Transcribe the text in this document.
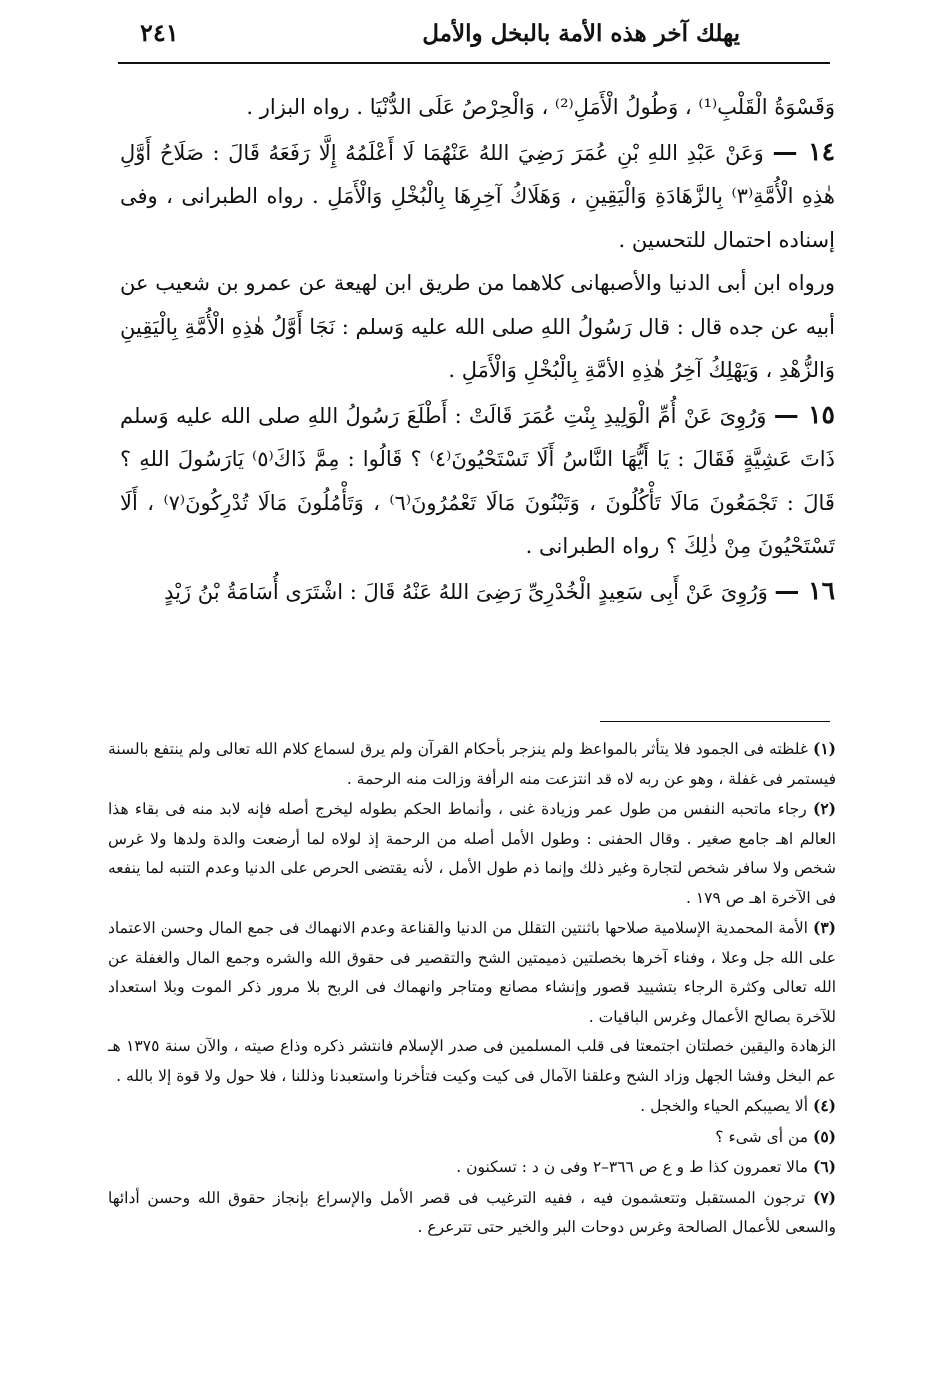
يهلك آخر هذه الأمة بالبخل والأمل
٢٤١

وَقَسْوَةُ الْقَلْبِ⁽¹⁾ ، وَطُولُ الْأَمَلِ⁽²⁾ ، وَالْحِرْصُ عَلَى الدُّنْيَا . رواه البزار .

١٤ — وَعَنْ عَبْدِ اللهِ بْنِ عُمَرَ رَضِيَ اللهُ عَنْهُمَا لَا أَعْلَمُهُ إِلَّا رَفَعَهُ قَالَ : صَلَاحُ أَوَّلِ هٰذِهِ الْأُمَّةِ⁽٣⁾ بِالزَّهَادَةِ وَالْيَقِينِ ، وَهَلَاكُ آخِرِهَا بِالْبُخْلِ وَالْأَمَلِ . رواه الطبرانى ، وفى إسناده احتمال للتحسين .

ورواه ابن أبى الدنيا والأصبهانى كلاهما من طريق ابن لهيعة عن عمرو بن شعيب عن أبيه عن جده قال : قال رَسُولُ اللهِ صلى الله عليه وَسلم : نَجَا أَوَّلُ هٰذِهِ الْأُمَّةِ بِالْيَقِينِ وَالزُّهْدِ ، وَيَهْلِكُ آخِرُ هٰذِهِ الأمَّةِ بِالْبُخْلِ وَالْأَمَلِ .

١٥ — وَرُوِىَ عَنْ أُمِّ الْوَلِيدِ بِنْتِ عُمَرَ قَالَتْ : أَطْلَعَ رَسُولُ اللهِ صلى الله عليه وَسلم ذَاتَ عَشِيَّةٍ فَقَالَ : يَا أَيُّهَا النَّاسُ أَلَا تَسْتَحْيُونَ⁽٤⁾ ؟ قَالُوا : مِمَّ ذَاكَ⁽٥⁾ يَارَسُولَ اللهِ ؟ قَالَ : تَجْمَعُونَ مَالَا تَأْكُلُونَ ، وَتَبْنُونَ مَالَا تَعْمُرُونَ⁽٦⁾ ، وَتَأْمُلُونَ مَالَا تُدْرِكُونَ⁽٧⁾ ، أَلَا تَسْتَحْيُونَ مِنْ ذٰلِكَ ؟ رواه الطبرانى .

١٦ — وَرُوِىَ عَنْ أَبِى سَعِيدٍ الْخُدْرِىِّ رَضِىَ اللهُ عَنْهُ قَالَ : اشْتَرَى أُسَامَةُ بْنُ زَيْدٍ

(١) غلظته فى الجمود فلا يتأثر بالمواعظ ولم ينزجر بأحكام القرآن ولم يرق لسماع كلام الله تعالى ولم ينتفع بالسنة فيستمر فى غفلة ، وهو عن ربه لاه قد انتزعت منه الرأفة وزالت منه الرحمة .

(٢) رجاء ماتحبه النفس من طول عمر وزيادة غنى ، وأنماط الحكم بطوله ليخرج أصله فإنه لابد منه فى بقاء هذا العالم اهـ جامع صغير . وقال الحفنى : وطول الأمل أصله من الرحمة إذ لولاه لما أرضعت والدة ولدها ولا غرس شخص ولا سافر شخص لتجارة وغير ذلك وإنما ذم طول الأمل ، لأنه يقتضى الحرص على الدنيا وعدم التنبه لما ينفعه فى الآخرة اهـ ص ١٧٩ .

(٣) الأمة المحمدية الإسلامية صلاحها باثنتين التقلل من الدنيا والقناعة وعدم الانهماك فى جمع المال وحسن الاعتماد على الله جل وعلا ، وفناء آخرها بخصلتين ذميمتين الشح والتقصير فى حقوق الله والشره وجمع المال والغفلة عن الله تعالى وكثرة الرجاء بتشييد قصور وإنشاء مصانع ومتاجر وانهماك فى الربح بلا مرور ذكر الموت وبلا استعداد للآخرة بصالح الأعمال وغرس الباقيات .

الزهادة واليقين خصلتان اجتمعتا فى قلب المسلمين فى صدر الإسلام فانتشر ذكره وذاع صيته ، والآن سنة ١٣٧٥ هـ عم البخل وفشا الجهل وزاد الشح وعلقنا الآمال فى كيت وكيت فتأخرنا واستعبدنا وذللنا ، فلا حول ولا قوة إلا بالله .

(٤) ألا يصيبكم الحياء والخجل .

(٥) من أى شىء ؟

(٦) مالا تعمرون كذا ط و ع ص ٣٦٦–٢ وفى ن د : تسكنون .

(٧) ترجون المستقبل وتتعشمون فيه ، ففيه الترغيب فى قصر الأمل والإسراع بإنجاز حقوق الله وحسن أدائها والسعى للأعمال الصالحة وغرس دوحات البر والخير حتى تترعرع .
